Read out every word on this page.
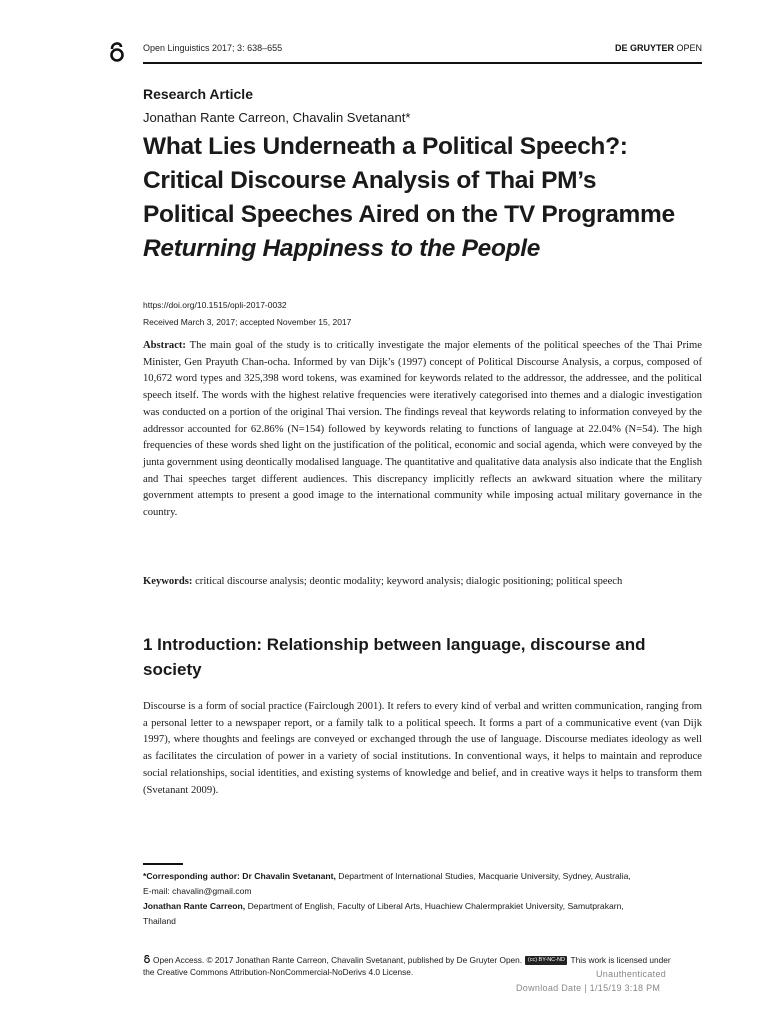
Open Linguistics 2017; 3: 638–655	DE GRUYTER OPEN
Research Article
Jonathan Rante Carreon, Chavalin Svetanant*
What Lies Underneath a Political Speech?:
Critical Discourse Analysis of Thai PM’s
Political Speeches Aired on the TV Programme
Returning Happiness to the People
https://doi.org/10.1515/opli-2017-0032
Received March 3, 2017; accepted November 15, 2017

Abstract: The main goal of the study is to critically investigate the major elements of the political speeches of the Thai Prime Minister, Gen Prayuth Chan-ocha. Informed by van Dijk’s (1997) concept of Political Discourse Analysis, a corpus, composed of 10,672 word types and 325,398 word tokens, was examined for keywords related to the addressor, the addressee, and the political speech itself. The words with the highest relative frequencies were iteratively categorised into themes and a dialogic investigation was conducted on a portion of the original Thai version. The findings reveal that keywords relating to information conveyed by the addressor accounted for 62.86% (N=154) followed by keywords relating to functions of language at 22.04% (N=54). The high frequencies of these words shed light on the justification of the political, economic and social agenda, which were conveyed by the junta government using deontically modalised language. The quantitative and qualitative data analysis also indicate that the English and Thai speeches target different audiences. This discrepancy implicitly reflects an awkward situation where the military government attempts to present a good image to the international community while imposing actual military governance in the country.

Keywords: critical discourse analysis; deontic modality; keyword analysis; dialogic positioning; political speech

1 Introduction: Relationship between language, discourse and society

Discourse is a form of social practice (Fairclough 2001). It refers to every kind of verbal and written communication, ranging from a personal letter to a newspaper report, or a family talk to a political speech. It forms a part of a communicative event (van Dijk 1997), where thoughts and feelings are conveyed or exchanged through the use of language. Discourse mediates ideology as well as facilitates the circulation of power in a variety of social institutions. In conventional ways, it helps to maintain and reproduce social relationships, social identities, and existing systems of knowledge and belief, and in creative ways it helps to transform them (Svetanant 2009).

*Corresponding author: Dr Chavalin Svetanant, Department of International Studies, Macquarie University, Sydney, Australia,
E-mail: chavalin@gmail.com
Jonathan Rante Carreon, Department of English, Faculty of Liberal Arts, Huachiew Chalermprakiet University, Samutprakarn,
Thailand
Open Access. © 2017 Jonathan Rante Carreon, Chavalin Svetanant, published by De Gruyter Open. (cc) BY-NC-ND This work is licensed under
the Creative Commons Attribution-NonCommercial-NoDerivs 4.0 License.	Unauthenticated
Download Date | 1/15/19 3:18 PM
